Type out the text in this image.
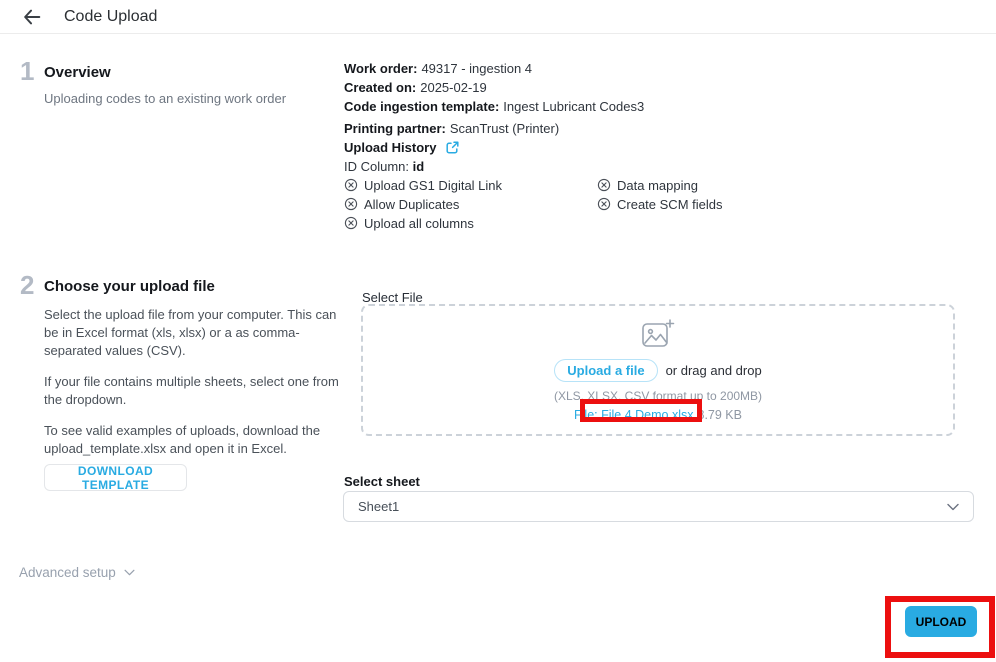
Code Upload
1 Overview
Uploading codes to an existing work order
Work order: 49317 - ingestion 4
Created on: 2025-02-19
Code ingestion template: Ingest Lubricant Codes3
Printing partner: ScanTrust (Printer)
Upload History
ID Column: id
Upload GS1 Digital Link
Allow Duplicates
Upload all columns
Data mapping
Create SCM fields
2 Choose your upload file

Select the upload file from your computer. This can be in Excel format (xls, xlsx) or a as comma-separated values (CSV).

If your file contains multiple sheets, select one from the dropdown.

To see valid examples of uploads, download the upload_template.xlsx and open it in Excel.

DOWNLOAD TEMPLATE
Select File
Upload a file	or drag and drop
(XLS, XLSX, CSV format up to 200MB)
File: File 4 Demo.xlsx 8.79 KB
Select sheet
Sheet1
Advanced setup
UPLOAD
